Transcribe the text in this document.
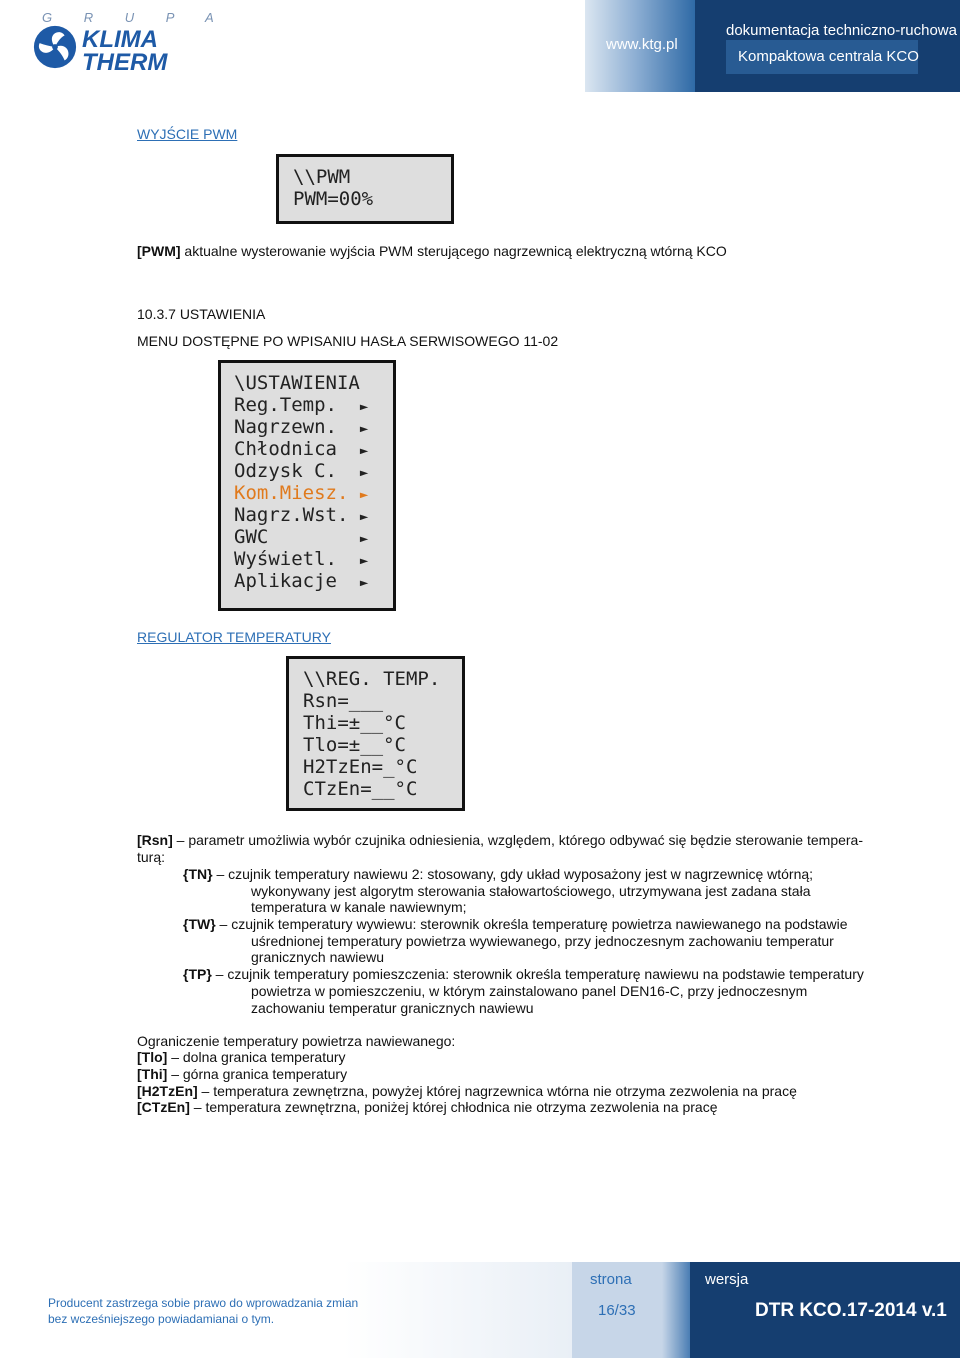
G R U P A
KLIMA
THERM
www.ktg.pl
dokumentacja techniczno-ruchowa
Kompaktowa centrala KCO
WYJŚCIE PWM
\\PWM
PWM=00%
[PWM] aktualne wysterowanie wyjścia PWM sterującego nagrzewnicą elektryczną wtórną KCO
10.3.7 USTAWIENIA
MENU DOSTĘPNE PO WPISANIU HASŁA SERWISOWEGO 11-02
\USTAWIENIA
Reg.Temp.  ►
Nagrzewn.  ►
Chłodnica  ►
Odzysk C.  ►
Kom.Miesz. ►
Nagrz.Wst. ►
GWC        ►
Wyświetl.  ►
Aplikacje  ►
REGULATOR TEMPERATURY
\\REG. TEMP.
Rsn=___
Thi=±__°C
Tlo=±__°C
H2TzEn=_°C
CTzEn=__°C
[Rsn] – parametr umożliwia wybór czujnika odniesienia, względem, którego odbywać się będzie sterowanie tempera-
turą:
{TN} – czujnik temperatury nawiewu 2: stosowany, gdy układ wyposażony jest w nagrzewnicę wtórną;
wykonywany jest algorytm sterowania stałowartościowego, utrzymywana jest zadana stała
temperatura w kanale nawiewnym;
{TW} – czujnik temperatury wywiewu: sterownik określa temperaturę powietrza nawiewanego na podstawie
uśrednionej temperatury powietrza wywiewanego, przy jednoczesnym zachowaniu temperatur
granicznych nawiewu
{TP} – czujnik temperatury pomieszczenia: sterownik określa temperaturę nawiewu na podstawie temperatury
powietrza w pomieszczeniu, w którym zainstalowano panel DEN16-C, przy jednoczesnym
zachowaniu temperatur granicznych nawiewu
Ograniczenie temperatury powietrza nawiewanego:
[Tlo] – dolna granica temperatury
[Thi] – górna granica temperatury
[H2TzEn] – temperatura zewnętrzna, powyżej której nagrzewnica wtórna nie otrzyma zezwolenia na pracę
[CTzEn] – temperatura zewnętrzna, poniżej której chłodnica nie otrzyma zezwolenia na pracę
Producent zastrzega sobie prawo do wprowadzania zmian
bez wcześniejszego powiadamianai o tym.
strona
16/33
wersja
DTR KCO.17-2014 v.1
